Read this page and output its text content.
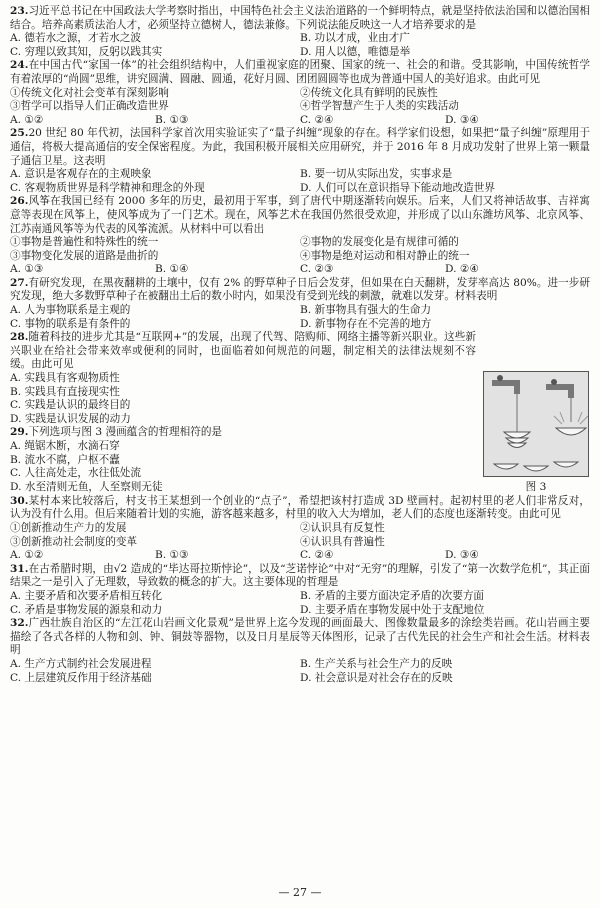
23.习近平总书记在中国政法大学考察时指出，中国特色社会主义法治道路的一个鲜明特点，就是坚持依法治国和以德治国相结合。培养高素质法治人才，必须坚持立德树人，德法兼修。下列说法能反映这一人才培养要求的是
A. 德若水之源，才若水之波	B. 功以才成，业由才广
C. 穷理以致其知，反躬以践其实	D. 用人以德，唯德是举
24.在中国古代“家国一体”的社会组织结构中，人们重视家庭的团聚、国家的统一、社会的和谐。受其影响，中国传统哲学有着浓厚的“尚圆”思维，讲究圆满、圆融、圆通，花好月圆、团团圆圆等也成为普通中国人的美好追求。由此可见
①传统文化对社会变革有深刻影响	②传统文化具有鲜明的民族性
③哲学可以指导人们正确改造世界	④哲学智慧产生于人类的实践活动
A. ①②	B. ①③	C. ②④	D. ③④
25.20 世纪 80 年代初，法国科学家首次用实验证实了“量子纠缠”现象的存在。科学家们设想，如果把“量子纠缠”原理用于通信，将极大提高通信的安全保密程度。为此，我国积极开展相关应用研究，并于 2016 年 8 月成功发射了世界上第一颗量子通信卫星。这表明
A. 意识是客观存在的主观映象	B. 要一切从实际出发，实事求是
C. 客观物质世界是科学精神和理念的外现	D. 人们可以在意识指导下能动地改造世界
26.风筝在我国已经有 2000 多年的历史，最初用于军事，到了唐代中期逐渐转向娱乐。后来，人们又将神话故事、吉祥寓意等表现在风筝上，使风筝成为了一门艺术。现在，风筝艺术在我国仍然很受欢迎，并形成了以山东潍坊风筝、北京风筝、江苏南通风筝等为代表的风筝流派。从材料中可以看出
①事物是普遍性和特殊性的统一	②事物的发展变化是有规律可循的
③事物变化发展的道路是曲折的	④事物是绝对运动和相对静止的统一
A. ①③	B. ①④	C. ②③	D. ②④
27.有研究发现，在黑夜翻耕的土壤中，仅有 2% 的野草种子日后会发芽，但如果在白天翻耕，发芽率高达 80%。进一步研究发现，绝大多数野草种子在被翻出土后的数小时内，如果没有受到光线的刺激，就难以发芽。材料表明
A. 人为事物联系是主观的	B. 新事物具有强大的生命力
C. 事物的联系是有条件的	D. 新事物存在不完善的地方
28.随着科技的进步尤其是“互联网+”的发展，出现了代驾、陪购师、网络主播等新兴职业。这些新兴职业在给社会带来效率或便利的同时，也面临着如何规范的问题，制定相关的法律法规刻不容缓。由此可见
A. 实践具有客观物质性
B. 实践具有直接现实性
C. 实践是认识的最终目的
D. 实践是认识发展的动力
29.下列选项与图 3 漫画蕴含的哲理相符的是
A. 绳锯木断，水滴石穿
B. 流水不腐，户枢不蠹
C. 人往高处走，水往低处流
D. 水至清则无鱼，人至察则无徒	图 3
30.某村本来比较落后，村支书王某想到一个创业的“点子”，希望把该村打造成 3D 壁画村。起初村里的老人们非常反对，认为没有什么用。但后来随着计划的实施，游客越来越多，村里的收入大为增加，老人们的态度也逐渐转变。由此可见
①创新推动生产力的发展	②认识具有反复性
③创新推动社会制度的变革	④认识具有普遍性
A. ①②	B. ①③	C. ②④	D. ③④
31.在古希腊时期，由√2 造成的“毕达哥拉斯悖论”，以及“芝诺悖论”中对“无穷”的理解，引发了“第一次数学危机”，其正面结果之一是引入了无理数，导致数的概念的扩大。这主要体现的哲理是
A. 主要矛盾和次要矛盾相互转化	B. 矛盾的主要方面决定矛盾的次要方面
C. 矛盾是事物发展的源泉和动力	D. 主要矛盾在事物发展中处于支配地位
32.广西壮族自治区的“左江花山岩画文化景观”是世界上迄今发现的画面最大、图像数量最多的涂绘类岩画。花山岩画主要描绘了各式各样的人物和剑、钟、铜鼓等器物，以及日月星辰等天体图形，记录了古代先民的社会生产和社会生活。材料表明
A. 生产方式制约社会发展进程	B. 生产关系与社会生产力的反映
C. 上层建筑反作用于经济基础	D. 社会意识是对社会存在的反映
— 27 —
